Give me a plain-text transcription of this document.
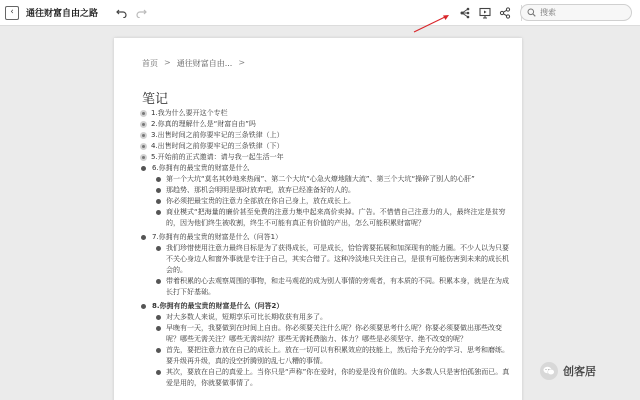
‹	通往财富自由之路
搜索
首页 > 通往财富自由... >
笔记
1.我为什么要开这个专栏
2.你真的理解什么是“财富自由”吗
3.出售时间之前你要牢记的三条铁律（上）
4.出售时间之前你要牢记的三条铁律（下）
5.开始前的正式邀请：请与我一起生活一年
6.你拥有的最宝贵的财富是什么
第一个大坑“莫名其妙地来热闹”、第二个大坑“心急火燎地随大流”、第三个大坑“操碎了别人的心肝”
那趋势、那机会明明是那时放弃吧，放弃已经准备好的人的。
你必须把最宝贵的注意力全部放在你自己身上，放在成长上。
商业模式“把海量的廉价甚至免费的注意力集中起来高价卖掉。广告。不惜惜自己注意力的人，最终注定是贫穷的，因为他们终生被收割，终生不可能有真正有价值的产出，怎么可能积累财富呢？
7.你拥有的最宝贵的财富是什么（问答1）
我们珍惜使用注意力最终目标是为了获得成长，可是成长，恰恰需要拓展和加深现有的能力圈。不少人以为只要不关心身边人和窗外事就是专注于自己，其实合错了。这种冷淡地只关注自己，是很有可能伤害到未来的成长机会的。
带着积累的心去观察周围的事物，和走马观花的成为别人事情的旁观者，有本质的不同。积累本身，就是在为成长打下好基础。
8.你拥有的最宝贵的财富是什么（问答2）
对大多数人来说，短期享乐可比长期收获有用多了。
早晚有一天，我要做到在时间上自由。你必须要关注什么呢？你必须要思考什么呢？你要必须要做出那些改变呢？哪些无需关注？哪些无需纠结？那些无需耗费脑力、体力？哪些是必须坚守、绝不改变的呢？
首先，要把注意力放在自己的成长上。放在一切可以有积累效应的技能上，然后给予充分的学习、思考和磨练。要升级再升级，真的没空折腾别的乱七八糟的事情。
其次，要放在自己的真爱上。当你只是“声称”你在爱时，你的爱是没有价值的。大多数人只是害怕孤独而已。真爱是用的，你就要做事情了。
创客居
